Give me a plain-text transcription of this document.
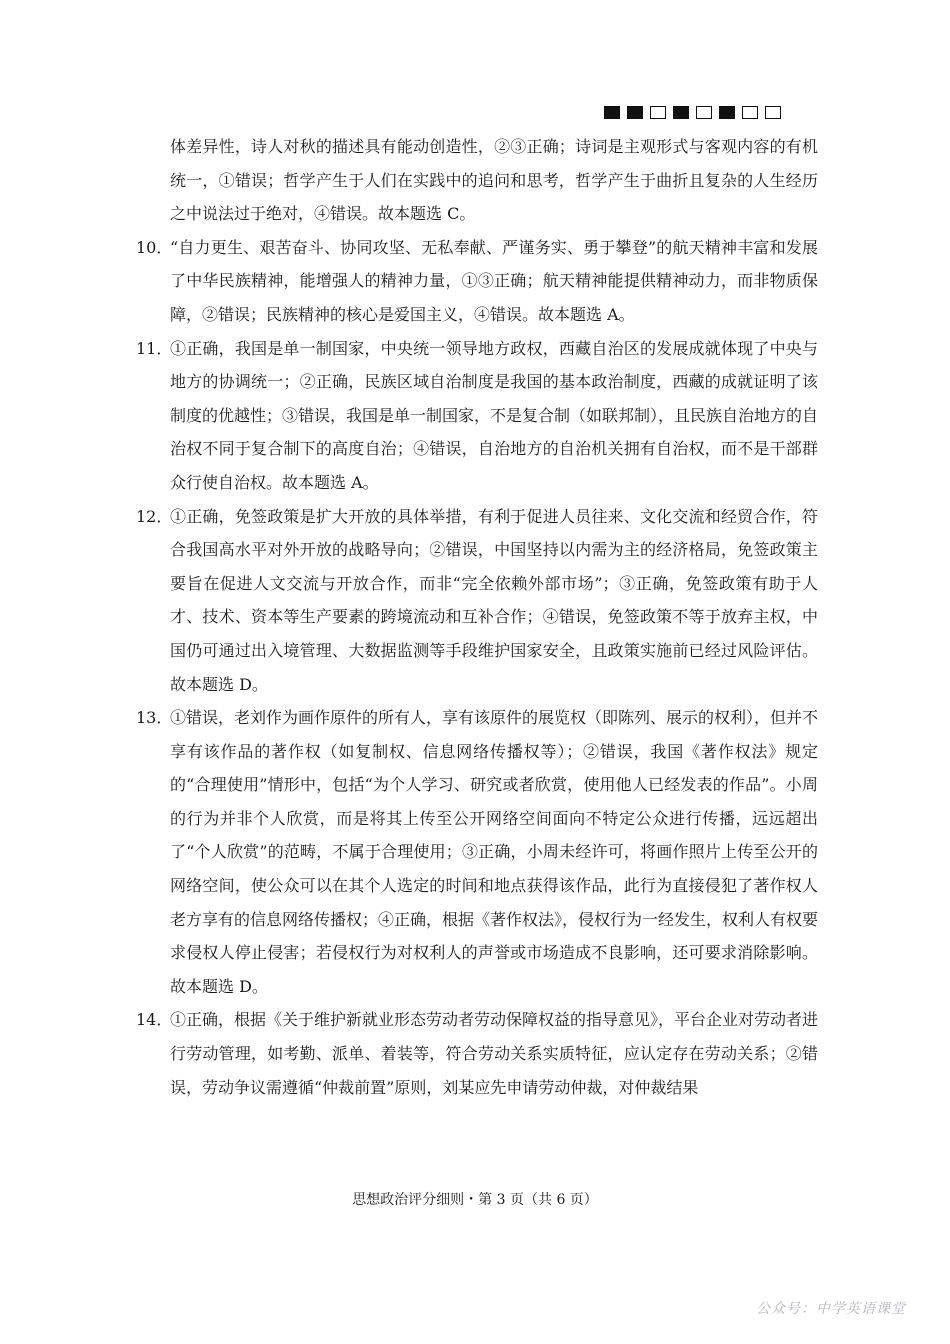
体差异性，诗人对秋的描述具有能动创造性，②③正确；诗词是主观形式与客观内容的有机统一，①错误；哲学产生于人们在实践中的追问和思考，哲学产生于曲折且复杂的人生经历之中说法过于绝对，④错误。故本题选 C。

10．
“自力更生、艰苦奋斗、协同攻坚、无私奉献、严谨务实、勇于攀登”的航天精神丰富和发展了中华民族精神，能增强人的精神力量，①③正确；航天精神能提供精神动力，而非物质保障，②错误；民族精神的核心是爱国主义，④错误。故本题选 A。

11．
①正确，我国是单一制国家，中央统一领导地方政权，西藏自治区的发展成就体现了中央与地方的协调统一；②正确，民族区域自治制度是我国的基本政治制度，西藏的成就证明了该制度的优越性；③错误，我国是单一制国家，不是复合制（如联邦制），且民族自治地方的自治权不同于复合制下的高度自治；④错误，自治地方的自治机关拥有自治权，而不是干部群众行使自治权。故本题选 A。

12．
①正确，免签政策是扩大开放的具体举措，有利于促进人员往来、文化交流和经贸合作，符合我国高水平对外开放的战略导向；②错误，中国坚持以内需为主的经济格局，免签政策主要旨在促进人文交流与开放合作，而非“完全依赖外部市场”；③正确，免签政策有助于人才、技术、资本等生产要素的跨境流动和互补合作；④错误，免签政策不等于放弃主权，中国仍可通过出入境管理、大数据监测等手段维护国家安全，且政策实施前已经过风险评估。故本题选 D。

13．
①错误，老刘作为画作原件的所有人，享有该原件的展览权（即陈列、展示的权利），但并不享有该作品的著作权（如复制权、信息网络传播权等）；②错误，我国《著作权法》规定的“合理使用”情形中，包括“为个人学习、研究或者欣赏，使用他人已经发表的作品”。小周的行为并非个人欣赏，而是将其上传至公开网络空间面向不特定公众进行传播，远远超出了“个人欣赏”的范畴，不属于合理使用；③正确，小周未经许可，将画作照片上传至公开的网络空间，使公众可以在其个人选定的时间和地点获得该作品，此行为直接侵犯了著作权人老方享有的信息网络传播权；④正确，根据《著作权法》，侵权行为一经发生，权利人有权要求侵权人停止侵害；若侵权行为对权利人的声誉或市场造成不良影响，还可要求消除影响。故本题选 D。

14．
①正确，根据《关于维护新就业形态劳动者劳动保障权益的指导意见》，平台企业对劳动者进行劳动管理，如考勤、派单、着装等，符合劳动关系实质特征，应认定存在劳动关系；②错误，劳动争议需遵循“仲裁前置”原则，刘某应先申请劳动仲裁，对仲裁结果

思想政治评分细则・第 3 页（共 6 页）
公众号：中学英语课堂
